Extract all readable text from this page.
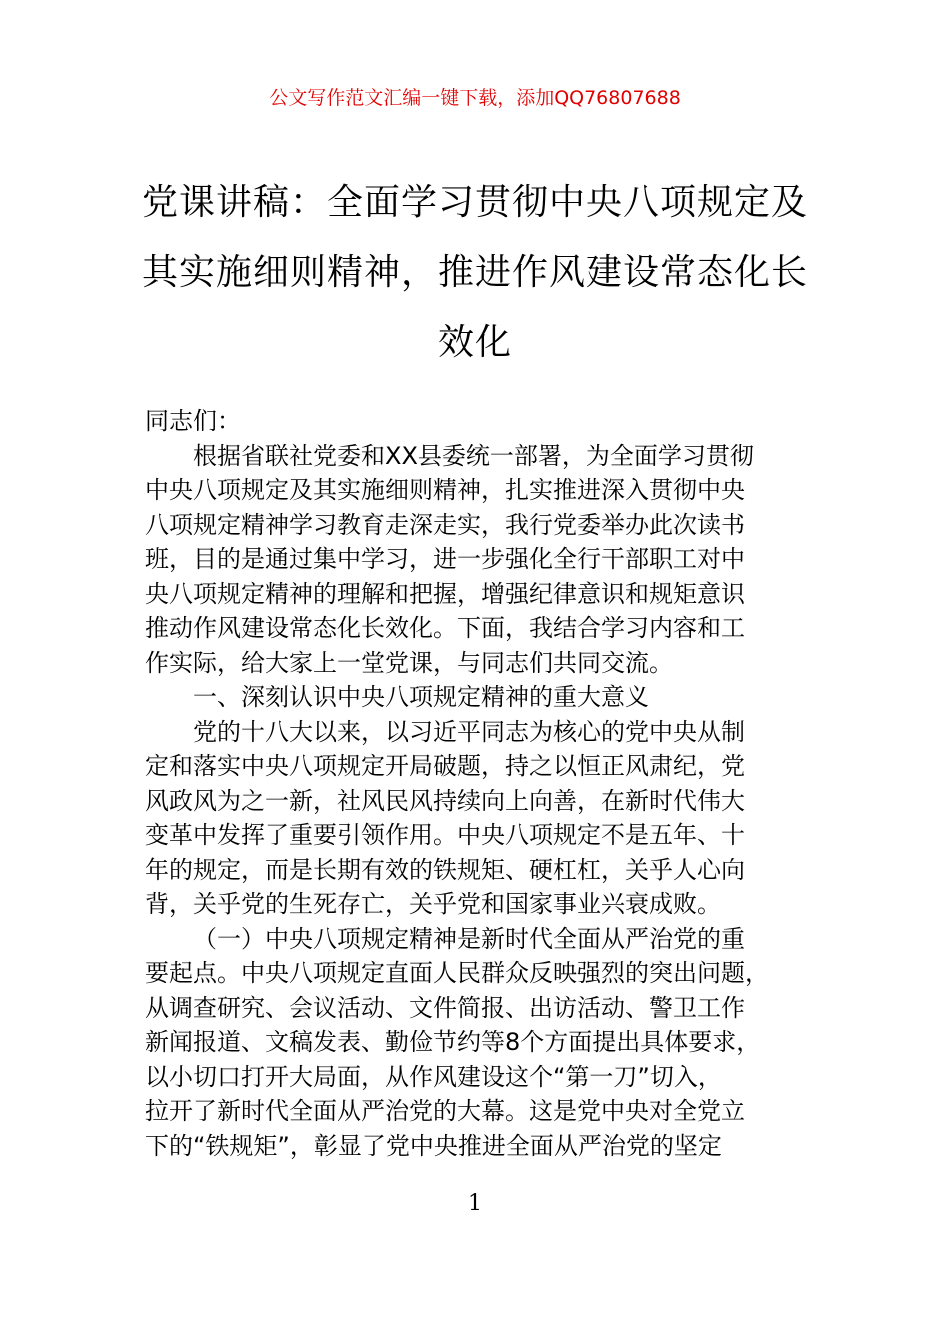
公文写作范文汇编一键下载，添加QQ76807688
党课讲稿：全面学习贯彻中央八项规定及
其实施细则精神，推进作风建设常态化长
效化

同志们：

根据省联社党委和XX县委统一部署，为全面学习贯彻

中央八项规定及其实施细则精神，扎实推进深入贯彻中央

八项规定精神学习教育走深走实，我行党委举办此次读书

班，目的是通过集中学习，进一步强化全行干部职工对中

央八项规定精神的理解和把握，增强纪律意识和规矩意识

推动作风建设常态化长效化。下面，我结合学习内容和工

作实际，给大家上一堂党课，与同志们共同交流。

一、深刻认识中央八项规定精神的重大意义

党的十八大以来，以习近平同志为核心的党中央从制

定和落实中央八项规定开局破题，持之以恒正风肃纪，党

风政风为之一新，社风民风持续向上向善，在新时代伟大

变革中发挥了重要引领作用。中央八项规定不是五年、十

年的规定，而是长期有效的铁规矩、硬杠杠，关乎人心向

背，关乎党的生死存亡，关乎党和国家事业兴衰成败。

（一）中央八项规定精神是新时代全面从严治党的重

要起点。中央八项规定直面人民群众反映强烈的突出问题，

从调查研究、会议活动、文件简报、出访活动、警卫工作

新闻报道、文稿发表、勤俭节约等8个方面提出具体要求，

以小切口打开大局面，从作风建设这个“第一刀”切入，

拉开了新时代全面从严治党的大幕。这是党中央对全党立

下的“铁规矩”，彰显了党中央推进全面从严治党的坚定

1
